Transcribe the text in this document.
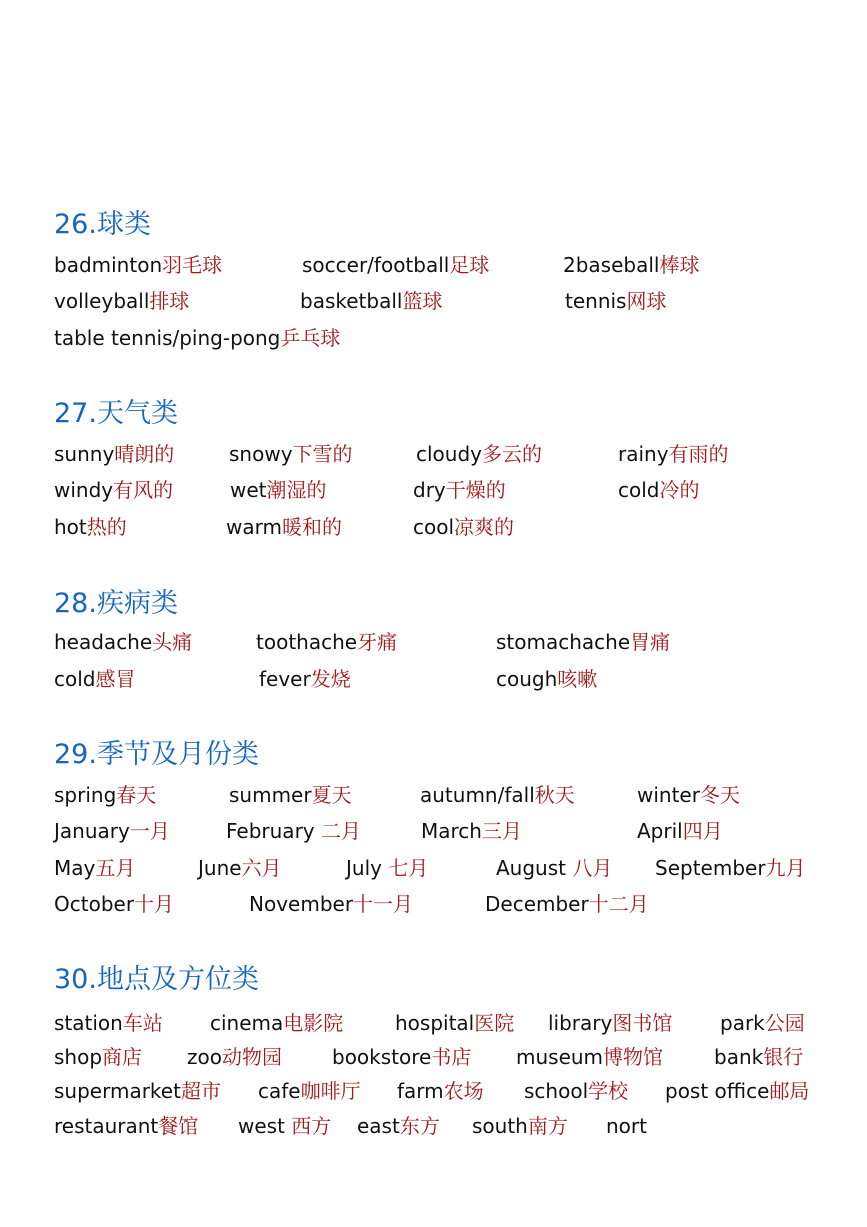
26.球类
badminton羽毛球	soccer/football足球	2baseball棒球
volleyball排球	basketball篮球	tennis网球
table tennis/ping-pong乒乓球
27.天气类
sunny晴朗的	snowy下雪的	cloudy多云的	rainy有雨的
windy有风的	wet潮湿的	dry干燥的	cold冷的
hot热的	warm暖和的	cool凉爽的
28.疾病类
headache头痛	toothache牙痛	stomachache胃痛
cold感冒	fever发烧	cough咳嗽
29.季节及月份类
spring春天	summer夏天	autumn/fall秋天	winter冬天
January一月	February 二月	March三月	April四月
May五月	June六月	July 七月	August 八月 September九月
October十月	November十一月	December十二月
30.地点及方位类
station车站 cinema电影院	hospital医院 library图书馆 park公园
shop商店 zoo动物园	bookstore书店 museum博物馆	bank银行
supermarket超市 cafe咖啡厅 farm农场 school学校 post office邮局
restaurant餐馆 west 西方 east东方 south南方 nort
